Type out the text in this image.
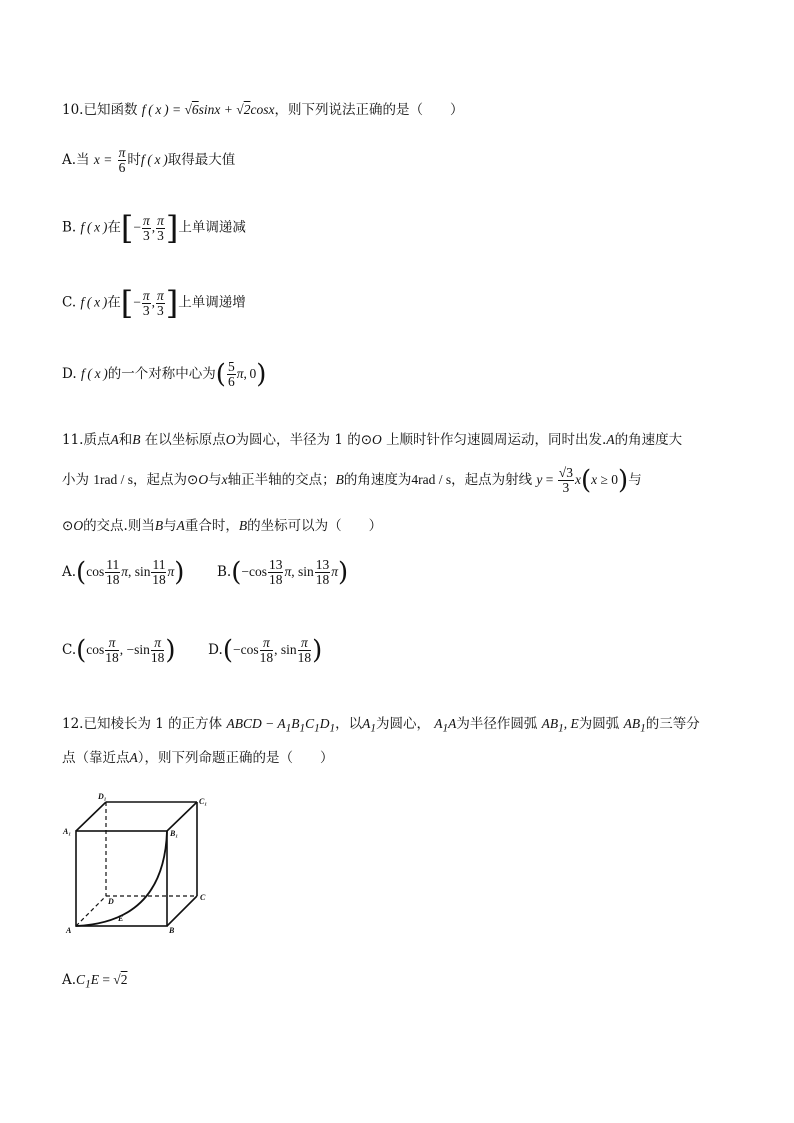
10.已知函数 f ( x ) = √6sinx + √2cosx，则下列说法正确的是（　　）
A.当 $x = \frac{\pi}{6}$ 时f ( x )取得最大值
B. f ( x )在[− $\frac{\pi}{3}$ , $\frac{\pi}{3}$ ]上单调递减
C. f ( x )在[− $\frac{\pi}{3}$ , $\frac{\pi}{3}$ ]上单调递增
D. f ( x )的一个对称中心为( $\frac{5}{6} \pi$, 0)
11.质点A和B 在以坐标原点O为圆心，半径为 1 的⊙O 上顺时针作匀速圆周运动，同时出发.A的角速度大
小为 1rad / s，起点为⊙O与x轴正半轴的交点；B的角速度为4rad / s，起点为射线 $y = \frac{√3}{3} x(x \ge 0)$与
⊙O的交点.则当B与A重合时，B的坐标可以为（　　）
$A.(\cos \frac{11}{18} \pi$, $\sin \frac{11}{18} \pi$) $B.(-\cos \frac{13}{18} \pi$, $\sin \frac{13}{18} \pi$)
$C.(\cos \frac{\pi}{18}$ , $-\sin \frac{\pi}{18}$ ) $D.(-\cos \frac{\pi}{18}$ , $\sin \frac{\pi}{18}$ )
12.已知棱长为 1 的正方体 ABCD − $A_1B_1C_1D_1$，以$A_1$为圆心， $A_1A$为半径作圆弧 $AB_1$, E为圆弧 $AB_1$的三等分
点（靠近点A），则下列命题正确的是（　　）
D₁
C₁
A₁	B₁
D	C
A
E
B
$A.C_1E = √2$
